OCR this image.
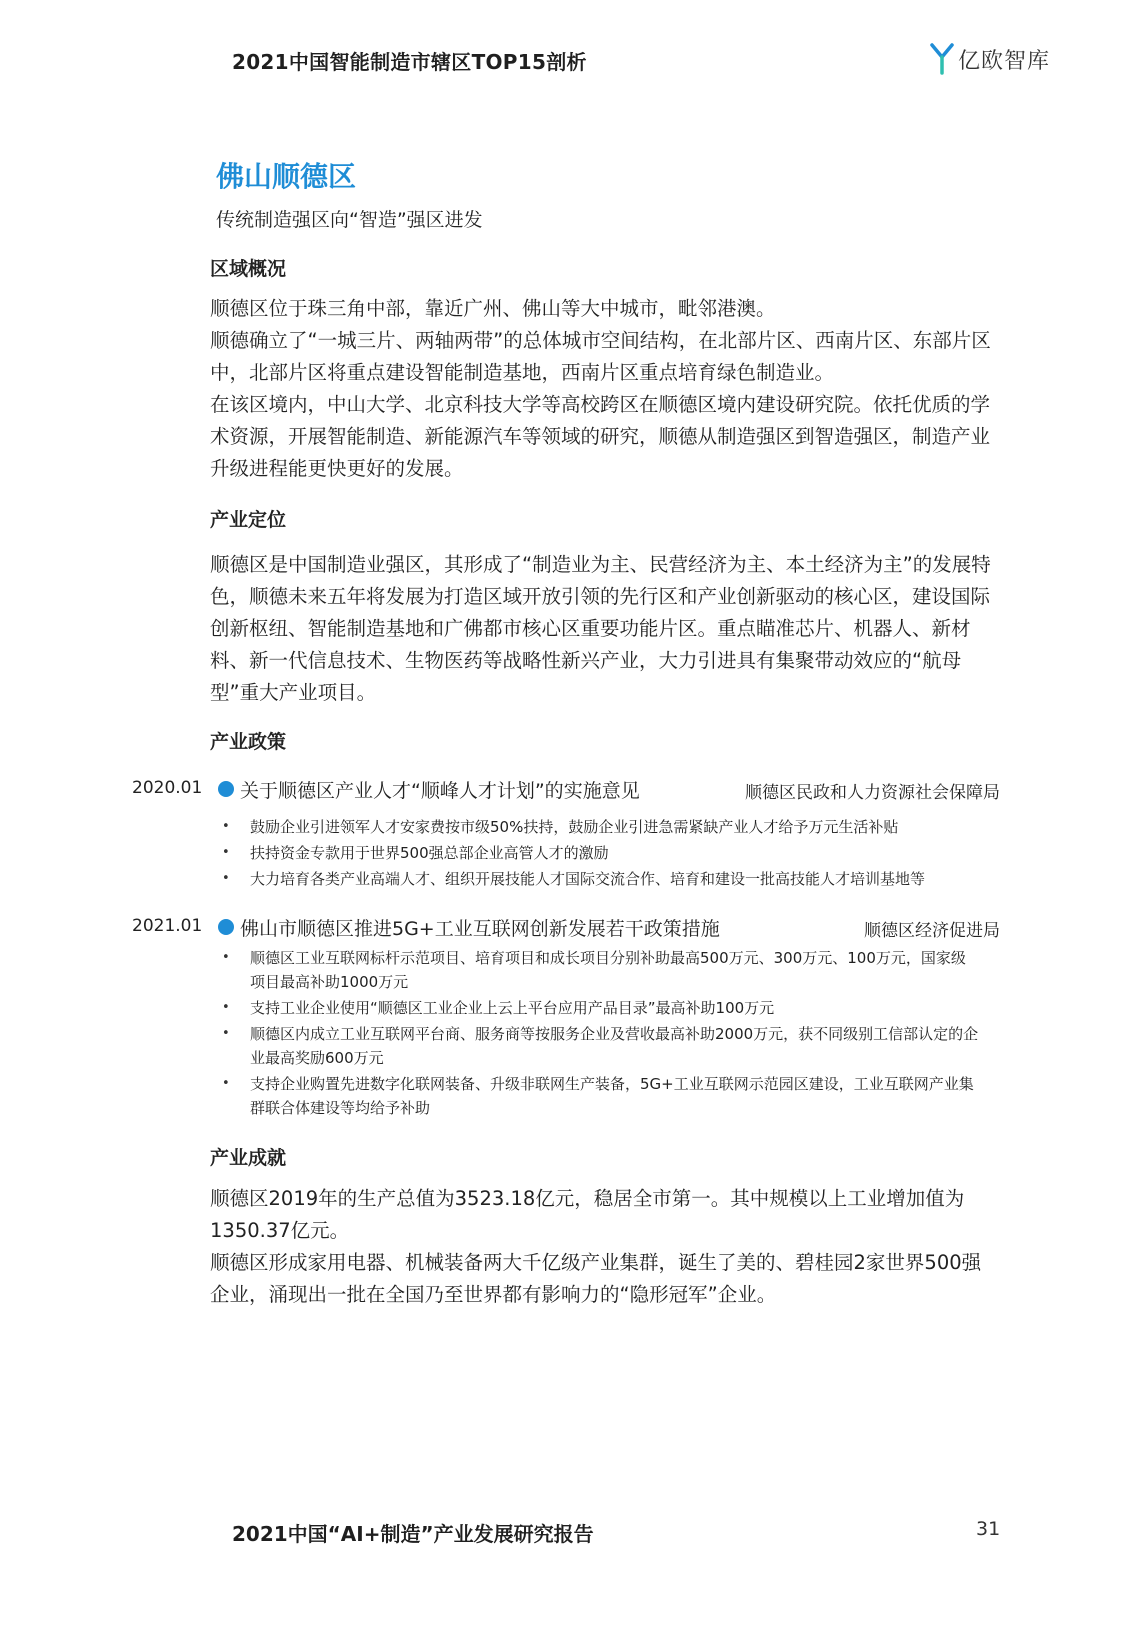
2021中国智能制造市辖区TOP15剖析	亿欧智库
佛山顺德区
传统制造强区向“智造”强区进发
区域概况

顺德区位于珠三角中部，靠近广州、佛山等大中城市，毗邻港澳。

顺德确立了“一城三片、两轴两带”的总体城市空间结构，在北部片区、西南片区、东部片区中，北部片区将重点建设智能制造基地，西南片区重点培育绿色制造业。

在该区境内，中山大学、北京科技大学等高校跨区在顺德区境内建设研究院。依托优质的学术资源，开展智能制造、新能源汽车等领域的研究，顺德从制造强区到智造强区，制造产业升级进程能更快更好的发展。

产业定位

顺德区是中国制造业强区，其形成了“制造业为主、民营经济为主、本土经济为主”的发展特色，顺德未来五年将发展为打造区域开放引领的先行区和产业创新驱动的核心区，建设国际创新枢纽、智能制造基地和广佛都市核心区重要功能片区。重点瞄准芯片、机器人、新材料、新一代信息技术、生物医药等战略性新兴产业，大力引进具有集聚带动效应的“航母型”重大产业项目。

产业政策
2020.01 关于顺德区产业人才“顺峰人才计划”的实施意见	顺德区民政和人力资源社会保障局
• 鼓励企业引进领军人才安家费按市级50%扶持，鼓励企业引进急需紧缺产业人才给予万元生活补贴
• 扶持资金专款用于世界500强总部企业高管人才的激励
• 大力培育各类产业高端人才、组织开展技能人才国际交流合作、培育和建设一批高技能人才培训基地等
2021.01 佛山市顺德区推进5G+工业互联网创新发展若干政策措施	顺德区经济促进局
• 顺德区工业互联网标杆示范项目、培育项目和成长项目分别补助最高500万元、300万元、100万元，国家级项目最高补助1000万元
• 支持工业企业使用“顺德区工业企业上云上平台应用产品目录”最高补助100万元
• 顺德区内成立工业互联网平台商、服务商等按服务企业及营收最高补助2000万元，获不同级别工信部认定的企业最高奖励600万元
• 支持企业购置先进数字化联网装备、升级非联网生产装备，5G+工业互联网示范园区建设，工业互联网产业集群联合体建设等均给予补助
产业成就

顺德区2019年的生产总值为3523.18亿元，稳居全市第一。其中规模以上工业增加值为1350.37亿元。

顺德区形成家用电器、机械装备两大千亿级产业集群，诞生了美的、碧桂园2家世界500强企业，涌现出一批在全国乃至世界都有影响力的“隐形冠军”企业。

2021中国“AI+制造”产业发展研究报告	31
